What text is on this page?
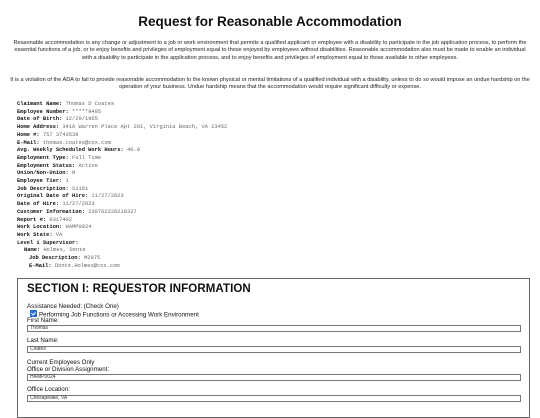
Request for Reasonable Accommodation
Reasonable accommodation is any change or adjustment to a job or work environment that permits a qualified applicant or employee with a disability to participate in the job application process, to perform the essential functions of a job, or to enjoy benefits and privileges of employment equal to those enjoyed by employees without disabilities. Reasonable accommodation also must be made to enable an individual with a disability to participate in the application process, and to enjoy benefits and privileges of employment equal to those available to other employees.
It is a violation of the ADA to fail to provide reasonable accommodation to the known physical or mental limitations of a qualified individual with a disability, unless to do so would impose an undue hardship on the operation of your business. Undue hardship means that the accommodation would require significant difficulty or expense.
Claimant Name: Thomas D Coates
Employee Number: *****9495
Date of Birth: 12/29/1965
Home Address: 3416 Warren Place Apt 201, Virginia Beach, VA 23452
Home #: 757 3743539
E-Mail: thomas.coates@cox.com
Avg. Weekly Scheduled Work Hours: 40.0
Employment Type: Full Time
Employment Status: Active
Union/Non-Union: N
Employee Tier: 1
Job Description: S1181
Original Date of Hire: 11/27/2023
Date of Hire: 11/27/2023
Customer Information: 239762220218327
Report #: 0317402
Work Location: HAMP0024
Work State: VA
Level 1 Supervisor:
Name: Holmes, Donte
Job Description: M2075
E-Mail: Donte.Holmes@cox.com
SECTION I: REQUESTOR INFORMATION
Assistance Needed: (Check One)
Performing Job Functions or Accessing Work Environment
First Name:
Thomas
Last Name:
Coates
Current Employees Only
Office or Division Assignment:
HAMP0024
Office Location:
Chesapeake, VA
